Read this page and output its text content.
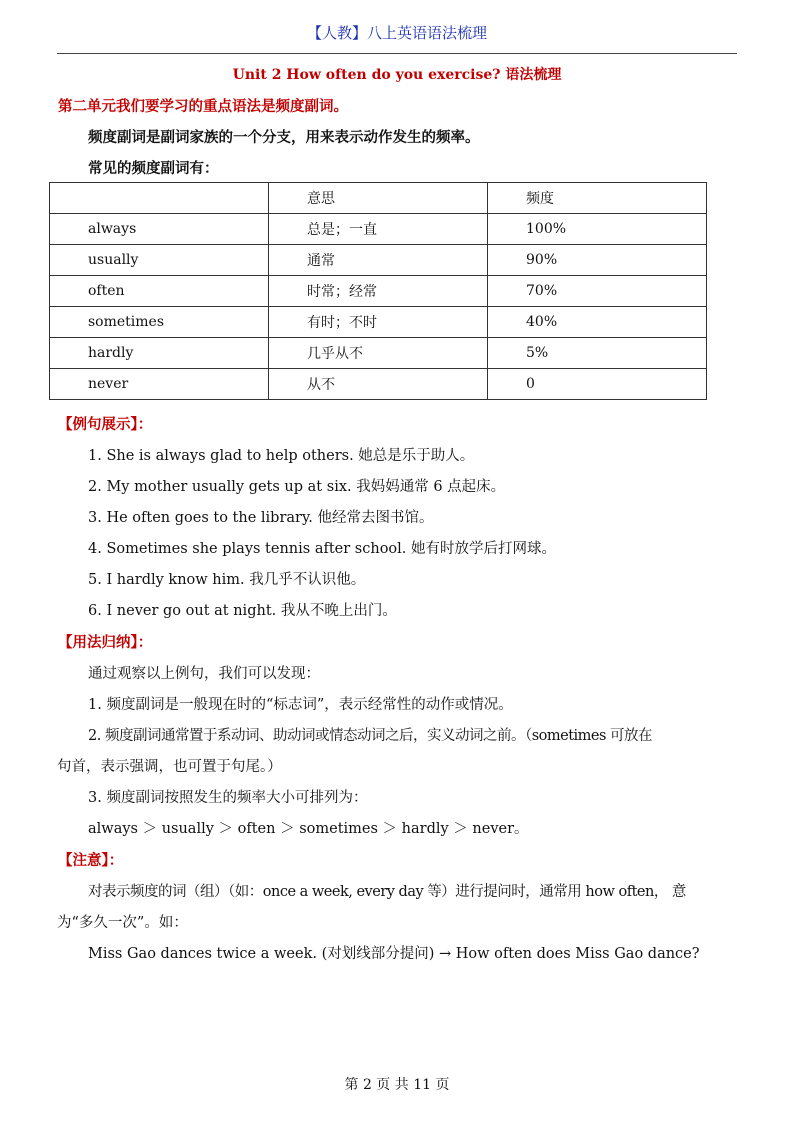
【人教】八上英语语法梳理
Unit 2 How often do you exercise? 语法梳理
第二单元我们要学习的重点语法是频度副词。
频度副词是副词家族的一个分支，用来表示动作发生的频率。
常见的频度副词有：
	意思	频度
always	总是；一直	100%
usually	通常	90%
often	时常；经常	70%
sometimes	有时；不时	40%
hardly	几乎从不	5%
never	从不	0
【例句展示】：
1. She is always glad to help others. 她总是乐于助人。
2. My mother usually gets up at six. 我妈妈通常 6 点起床。
3. He often goes to the library. 他经常去图书馆。
4. Sometimes she plays tennis after school. 她有时放学后打网球。
5. I hardly know him. 我几乎不认识他。
6. I never go out at night. 我从不晚上出门。
【用法归纳】：
通过观察以上例句，我们可以发现：
1. 频度副词是一般现在时的“标志词”，表示经常性的动作或情况。
2. 频度副词通常置于系动词、助动词或情态动词之后，实义动词之前。（sometimes 可放在
句首，表示强调，也可置于句尾。）
3. 频度副词按照发生的频率大小可排列为：
always ＞ usually ＞ often ＞ sometimes ＞ hardly ＞ never。
【注意】：
对表示频度的词（组）（如：once a week, every day 等）进行提问时，通常用 how often， 意
为“多久一次”。如：
Miss Gao dances twice a week. (对划线部分提问) → How often does Miss Gao dance?
第 2 页 共 11 页
